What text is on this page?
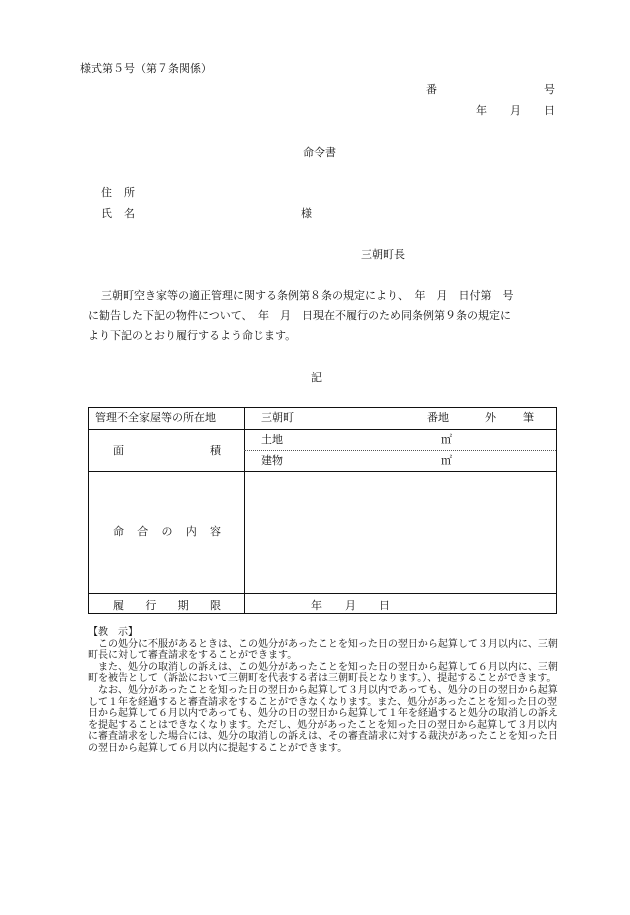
様式第５号（第７条関係）
番	号
年 月 日
命令書
住 所
氏 名	様
三朝町長
三朝町空き家等の適正管理に関する条例第８条の規定により、　年　月　日付第　号
に勧告した下記の物件について、　年　月　日現在不履行のため同条例第９条の規定に
より下記のとおり履行するよう命じます。
記
管理不全家屋等の所在地	三朝町	番地	外 筆
面	積
土地	㎡
建物	㎡
命 合 の 内 容
履 行 期 限	年 月 日
【教　示】

この処分に不服があるときは、この処分があったことを知った日の翌日から起算して３月以内に、三朝町長に対して審査請求をすることができます。

また、処分の取消しの訴えは、この処分があったことを知った日の翌日から起算して６月以内に、三朝町を被告として（訴訟において三朝町を代表する者は三朝町長となります。）、提起することができます。

なお、処分があったことを知った日の翌日から起算して３月以内であっても、処分の日の翌日から起算して１年を経過すると審査請求をすることができなくなります。また、処分があったことを知った日の翌日から起算して６月以内であっても、処分の日の翌日から起算して１年を経過すると処分の取消しの訴えを提起することはできなくなります。ただし、処分があったことを知った日の翌日から起算して３月以内に審査請求をした場合には、処分の取消しの訴えは、その審査請求に対する裁決があったことを知った日の翌日から起算して６月以内に提起することができます。
